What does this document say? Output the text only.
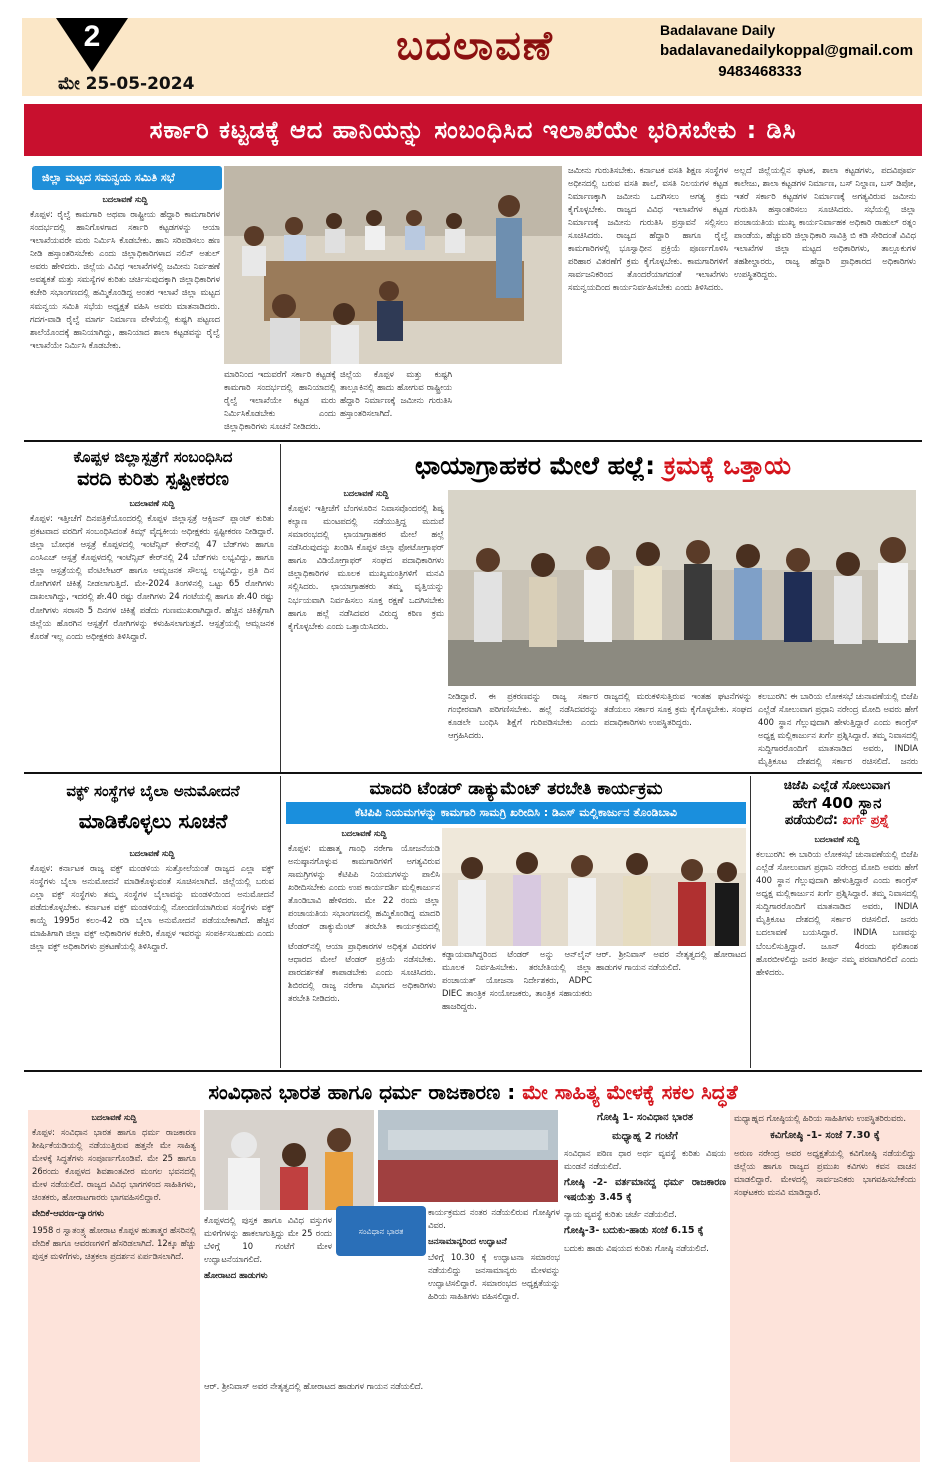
2
ಮೇ 25-05-2024
ಬದಲಾವಣೆ	Badalavane Daily
badalavanedailykoppal@gmail.com
9483468333
ಸರ್ಕಾರಿ ಕಟ್ಟಡಕ್ಕೆ ಆದ ಹಾನಿಯನ್ನು ಸಂಬಂಧಿಸಿದ ಇಲಾಖೆಯೇ ಭರಿಸಬೇಕು : ಡಿಸಿ
ಜಿಲ್ಲಾ ಮಟ್ಟದ ಸಮನ್ವಯ ಸಮಿತಿ ಸಭೆ
ಬದಲಾವಣೆ ಸುದ್ದಿ

ಕೊಪ್ಪಳ: ರೈಲ್ವೆ ಕಾಮಗಾರಿ ಅಥವಾ ರಾಷ್ಟ್ರೀಯ ಹೆದ್ದಾರಿ ಕಾಮಗಾರಿಗಳ ಸಂದರ್ಭದಲ್ಲಿ ಹಾನಿಗೊಳಗಾದ ಸರ್ಕಾರಿ ಕಟ್ಟಡಗಳನ್ನು ಆಯಾ ಇಲಾಖೆಯವರೇ ಮರು ನಿರ್ಮಿಸಿ ಕೊಡಬೇಕು. ಹಾನಿ ಸರಿಪಡಿಸಲು ಹಣ ನೀಡಿ ಹಸ್ತಾಂತರಿಸಬೇಕು ಎಂದು ಜಿಲ್ಲಾಧಿಕಾರಿಗಳಾದ ನಲಿನ್ ಅತುಲ್ ಅವರು ಹೇಳಿದರು. ಜಿಲ್ಲೆಯ ವಿವಿಧ ಇಲಾಖೆಗಳಲ್ಲಿ ಜಮೀನು ನಿರ್ವಹಣೆ ಅವಶ್ಯಕತೆ ಮತ್ತು ಸಮಸ್ಯೆಗಳ ಕುರಿತು ಚರ್ಚಿಸುವುದಕ್ಕಾಗಿ ಜಿಲ್ಲಾಧಿಕಾರಿಗಳ ಕಚೇರಿ ಸಭಾಂಗಣದಲ್ಲಿ ಹಮ್ಮಿಕೊಂಡಿದ್ದ ಅಂತರ ಇಲಾಖೆ ಜಿಲ್ಲಾ ಮಟ್ಟದ ಸಮನ್ವಯ ಸಮಿತಿ ಸಭೆಯ ಅಧ್ಯಕ್ಷತೆ ವಹಿಸಿ ಅವರು ಮಾತನಾಡಿದರು. ಗದಗ-ವಾಡಿ ರೈಲ್ವೆ ಮಾರ್ಗ ನಿರ್ಮಾಣ ವೇಳೆಯಲ್ಲಿ ಕುಷ್ಟಗಿ ಪಟ್ಟಣದ ಶಾಲೆಯೊಂದಕ್ಕೆ ಹಾನಿಯಾಗಿದ್ದು, ಹಾನಿಯಾದ ಶಾಲಾ ಕಟ್ಟಡವನ್ನು ರೈಲ್ವೆ ಇಲಾಖೆಯೇ ನಿರ್ಮಿಸಿ ಕೊಡಬೇಕು.

ಮಾರಿನಿಂದ ಇದುವರೆಗೆ ಸರ್ಕಾರಿ ಕಟ್ಟಡಕ್ಕೆ ಕಾಮಗಾರಿ ಸಂದರ್ಭದಲ್ಲಿ ಹಾನಿಯಾದಲ್ಲಿ ರೈಲ್ವೆ ಇಲಾಖೆಯೇ ಕಟ್ಟಡ ಮರು ನಿರ್ಮಿಸಿಕೊಡಬೇಕು ಎಂದು ಜಿಲ್ಲಾಧಿಕಾರಿಗಳು ಸೂಚನೆ ನೀಡಿದರು.

ಜಿಲ್ಲೆಯ ಕೊಪ್ಪಳ ಮತ್ತು ಕುಷ್ಟಗಿ ತಾಲ್ಲೂಕಿನಲ್ಲಿ ಹಾದು ಹೋಗುವ ರಾಷ್ಟ್ರೀಯ ಹೆದ್ದಾರಿ ನಿರ್ಮಾಣಕ್ಕೆ ಜಮೀನು ಗುರುತಿಸಿ ಹಸ್ತಾಂತರಿಸಲಾಗಿದೆ.

ಜಮೀನು ಗುರುತಿಸಬೇಕು. ಕರ್ನಾಟಕ ವಸತಿ ಶಿಕ್ಷಣ ಸಂಸ್ಥೆಗಳ ಅಧೀನದಲ್ಲಿ ಬರುವ ವಸತಿ ಶಾಲೆ, ವಸತಿ ನಿಲಯಗಳ ಕಟ್ಟಡ ನಿರ್ಮಾಣಕ್ಕಾಗಿ ಜಮೀನು ಒದಗಿಸಲು ಅಗತ್ಯ ಕ್ರಮ ಕೈಗೊಳ್ಳಬೇಕು. ರಾಜ್ಯದ ವಿವಿಧ ಇಲಾಖೆಗಳ ಕಟ್ಟಡ ನಿರ್ಮಾಣಕ್ಕೆ ಜಮೀನು ಗುರುತಿಸಿ ಪ್ರಸ್ತಾವನೆ ಸಲ್ಲಿಸಲು ಸೂಚಿಸಿದರು. ರಾಜ್ಯದ ಹೆದ್ದಾರಿ ಹಾಗೂ ರೈಲ್ವೆ ಕಾಮಗಾರಿಗಳಲ್ಲಿ ಭೂಸ್ವಾಧೀನ ಪ್ರಕ್ರಿಯೆ ಪೂರ್ಣಗೊಳಿಸಿ ಪರಿಹಾರ ವಿತರಣೆಗೆ ಕ್ರಮ ಕೈಗೊಳ್ಳಬೇಕು. ಕಾಮಗಾರಿಗಳಿಗೆ ಸಾರ್ವಜನಿಕರಿಂದ ತೊಂದರೆಯಾಗದಂತೆ ಇಲಾಖೆಗಳು ಸಮನ್ವಯದಿಂದ ಕಾರ್ಯನಿರ್ವಹಿಸಬೇಕು ಎಂದು ತಿಳಿಸಿದರು.

ಅಲ್ಲದೆ ಜಿಲ್ಲೆಯಲ್ಲಿನ ಘಟಕ, ಶಾಲಾ ಕಟ್ಟಡಗಳು, ಪದವಿಪೂರ್ವ ಕಾಲೇಜು, ಶಾಲಾ ಕಟ್ಟಡಗಳ ನಿರ್ಮಾಣ, ಬಸ್ ನಿಲ್ದಾಣ, ಬಸ್ ಡಿಪೋ, ಇತರೆ ಸರ್ಕಾರಿ ಕಟ್ಟಡಗಳ ನಿರ್ಮಾಣಕ್ಕೆ ಅಗತ್ಯವಿರುವ ಜಮೀನು ಗುರುತಿಸಿ ಹಸ್ತಾಂತರಿಸಲು ಸೂಚಿಸಿದರು. ಸಭೆಯಲ್ಲಿ ಜಿಲ್ಲಾ ಪಂಚಾಯತಿಯ ಮುಖ್ಯ ಕಾರ್ಯನಿರ್ವಾಹಕ ಅಧಿಕಾರಿ ರಾಹುಲ್ ರತ್ನಂ ಪಾಂಡೆಯ, ಹೆಚ್ಚುವರಿ ಜಿಲ್ಲಾಧಿಕಾರಿ ಸಾವಿತ್ರಿ ಬಿ ಕಡಿ ಸೇರಿದಂತೆ ವಿವಿಧ ಇಲಾಖೆಗಳ ಜಿಲ್ಲಾ ಮಟ್ಟದ ಅಧಿಕಾರಿಗಳು, ತಾಲ್ಲೂಕುಗಳ ತಹಶೀಲ್ದಾರರು, ರಾಜ್ಯ ಹೆದ್ದಾರಿ ಪ್ರಾಧಿಕಾರದ ಅಧಿಕಾರಿಗಳು ಉಪಸ್ಥಿತರಿದ್ದರು.

ಕೊಪ್ಪಳ ಜಿಲ್ಲಾಸ್ಪತ್ರೆಗೆ ಸಂಬಂಧಿಸಿದ
ವರದಿ ಕುರಿತು ಸ್ಪಷ್ಟೀಕರಣ
ಬದಲಾವಣೆ ಸುದ್ದಿ

ಕೊಪ್ಪಳ: ಇತ್ತೀಚೆಗೆ ದಿನಪತ್ರಿಕೆಯೊಂದರಲ್ಲಿ ಕೊಪ್ಪಳ ಜಿಲ್ಲಾಸ್ಪತ್ರೆ ಆಕ್ಸಿಜನ್ ಪ್ಲಾಂಟ್ ಕುರಿತು ಪ್ರಕಟವಾದ ವರದಿಗೆ ಸಂಬಂಧಿಸಿದಂತೆ ಕಿಮ್ಸ್ ವೈದ್ಯಕೀಯ ಅಧೀಕ್ಷಕರು ಸ್ಪಷ್ಟೀಕರಣ ನೀಡಿದ್ದಾರೆ. ಜಿಲ್ಲಾ ಬೋಧಕ ಆಸ್ಪತ್ರೆ ಕೊಪ್ಪಳದಲ್ಲಿ ಇಂಟೆನ್ಸಿವ್ ಕೇರ್‌ನಲ್ಲಿ 47 ಬೆಡ್‌ಗಳು ಹಾಗೂ ಎಂಸಿಎಚ್ ಆಸ್ಪತ್ರೆ ಕೊಪ್ಪಳದಲ್ಲಿ ಇಂಟೆನ್ಸಿವ್ ಕೇರ್‌ನಲ್ಲಿ 24 ಬೆಡ್‌ಗಳು ಲಭ್ಯವಿದ್ದು, ಹಾಗೂ ಜಿಲ್ಲಾ ಆಸ್ಪತ್ರೆಯಲ್ಲಿ ವೆಂಟಿಲೇಟರ್ ಹಾಗೂ ಆಮ್ಲಜನಕ ಸೌಲಭ್ಯ ಲಭ್ಯವಿದ್ದು, ಪ್ರತಿ ದಿನ ರೋಗಿಗಳಿಗೆ ಚಿಕಿತ್ಸೆ ನೀಡಲಾಗುತ್ತಿದೆ. ಮೇ-2024 ತಿಂಗಳಿನಲ್ಲಿ ಒಟ್ಟು 65 ರೋಗಿಗಳು ದಾಖಲಾಗಿದ್ದು, ಇದರಲ್ಲಿ ಶೇ.40 ರಷ್ಟು ರೋಗಿಗಳು 24 ಗಂಟೆಯಲ್ಲಿ ಹಾಗೂ ಶೇ.40 ರಷ್ಟು ರೋಗಿಗಳು ಸರಾಸರಿ 5 ದಿನಗಳ ಚಿಕಿತ್ಸೆ ಪಡೆದು ಗುಣಮುಖರಾಗಿದ್ದಾರೆ. ಹೆಚ್ಚಿನ ಚಿಕಿತ್ಸೆಗಾಗಿ ಜಿಲ್ಲೆಯ ಹೊರಗಿನ ಆಸ್ಪತ್ರೆಗೆ ರೋಗಿಗಳನ್ನು ಕಳುಹಿಸಲಾಗುತ್ತದೆ. ಆಸ್ಪತ್ರೆಯಲ್ಲಿ ಆಮ್ಲಜನಕ ಕೊರತೆ ಇಲ್ಲ ಎಂದು ಅಧೀಕ್ಷಕರು ತಿಳಿಸಿದ್ದಾರೆ.

ಛಾಯಾಗ್ರಾಹಕರ ಮೇಲೆ ಹಲ್ಲೆ: ಕ್ರಮಕ್ಕೆ ಒತ್ತಾಯ
ಬದಲಾವಣೆ ಸುದ್ದಿ

ಕೊಪ್ಪಳ: ಇತ್ತೀಚೆಗೆ ಬೆಂಗಳೂರಿನ ನಿವಾಸವೊಂದರಲ್ಲಿ ಶಿಷ್ಯ ಕಲ್ಯಾಣ ಮಂಟಪದಲ್ಲಿ ನಡೆಯುತ್ತಿದ್ದ ಮದುವೆ ಸಮಾರಂಭದಲ್ಲಿ ಛಾಯಾಗ್ರಾಹಕರ ಮೇಲೆ ಹಲ್ಲೆ ನಡೆಸಿರುವುದನ್ನು ಖಂಡಿಸಿ ಕೊಪ್ಪಳ ಜಿಲ್ಲಾ ಫೋಟೋಗ್ರಾಫರ್ ಹಾಗೂ ವಿಡಿಯೋಗ್ರಾಫರ್ ಸಂಘದ ಪದಾಧಿಕಾರಿಗಳು ಜಿಲ್ಲಾಧಿಕಾರಿಗಳ ಮೂಲಕ ಮುಖ್ಯಮಂತ್ರಿಗಳಿಗೆ ಮನವಿ ಸಲ್ಲಿಸಿದರು. ಛಾಯಾಗ್ರಾಹಕರು ತಮ್ಮ ವೃತ್ತಿಯನ್ನು ನಿರ್ಭಯವಾಗಿ ನಿರ್ವಹಿಸಲು ಸೂಕ್ತ ರಕ್ಷಣೆ ಒದಗಿಸಬೇಕು ಹಾಗೂ ಹಲ್ಲೆ ನಡೆಸಿದವರ ವಿರುದ್ಧ ಕಠಿಣ ಕ್ರಮ ಕೈಗೊಳ್ಳಬೇಕು ಎಂದು ಒತ್ತಾಯಿಸಿದರು.

ನೀಡಿದ್ದಾರೆ. ಈ ಪ್ರಕರಣವನ್ನು ರಾಜ್ಯ ಸರ್ಕಾರ ಗಂಭೀರವಾಗಿ ಪರಿಗಣಿಸಬೇಕು. ಹಲ್ಲೆ ನಡೆಸಿದವರನ್ನು ಕೂಡಲೇ ಬಂಧಿಸಿ ಶಿಕ್ಷೆಗೆ ಗುರಿಪಡಿಸಬೇಕು ಎಂದು ಆಗ್ರಹಿಸಿದರು.

ರಾಜ್ಯದಲ್ಲಿ ಮರುಕಳಿಸುತ್ತಿರುವ ಇಂತಹ ಘಟನೆಗಳನ್ನು ತಡೆಯಲು ಸರ್ಕಾರ ಸೂಕ್ತ ಕ್ರಮ ಕೈಗೊಳ್ಳಬೇಕು. ಸಂಘದ ಪದಾಧಿಕಾರಿಗಳು ಉಪಸ್ಥಿತರಿದ್ದರು.

ಕಲಬುರಗಿ: ಈ ಬಾರಿಯ ಲೋಕಸಭೆ ಚುನಾವಣೆಯಲ್ಲಿ ಬಿಜೆಪಿ ಎಲ್ಲೆಡೆ ಸೋಲುವಾಗ ಪ್ರಧಾನಿ ನರೇಂದ್ರ ಮೋದಿ ಅವರು ಹೇಗೆ 400 ಸ್ಥಾನ ಗೆಲ್ಲುವುದಾಗಿ ಹೇಳುತ್ತಿದ್ದಾರೆ ಎಂದು ಕಾಂಗ್ರೆಸ್ ಅಧ್ಯಕ್ಷ ಮಲ್ಲಿಕಾರ್ಜುನ ಖರ್ಗೆ ಪ್ರಶ್ನಿಸಿದ್ದಾರೆ. ತಮ್ಮ ನಿವಾಸದಲ್ಲಿ ಸುದ್ದಿಗಾರರೊಂದಿಗೆ ಮಾತನಾಡಿದ ಅವರು, INDIA ಮೈತ್ರಿಕೂಟ ದೇಶದಲ್ಲಿ ಸರ್ಕಾರ ರಚಿಸಲಿದೆ. ಜನರು

ವಕ್ಫ್ ಸಂಸ್ಥೆಗಳ ಬೈಲಾ ಅನುಮೋದನೆ
ಮಾಡಿಕೊಳ್ಳಲು ಸೂಚನೆ
ಬದಲಾವಣೆ ಸುದ್ದಿ

ಕೊಪ್ಪಳ: ಕರ್ನಾಟಕ ರಾಜ್ಯ ವಕ್ಫ್ ಮಂಡಳಿಯ ಸುತ್ತೋಲೆಯಂತೆ ರಾಜ್ಯದ ಎಲ್ಲಾ ವಕ್ಫ್ ಸಂಸ್ಥೆಗಳು ಬೈಲಾ ಅನುಮೋದನೆ ಮಾಡಿಕೊಳ್ಳುವಂತೆ ಸೂಚಿಸಲಾಗಿದೆ. ಜಿಲ್ಲೆಯಲ್ಲಿ ಬರುವ ಎಲ್ಲಾ ವಕ್ಫ್ ಸಂಸ್ಥೆಗಳು ತಮ್ಮ ಸಂಸ್ಥೆಗಳ ಬೈಲಾವನ್ನು ಮಂಡಳಿಯಿಂದ ಅನುಮೋದನೆ ಪಡೆದುಕೊಳ್ಳಬೇಕು. ಕರ್ನಾಟಕ ವಕ್ಫ್ ಮಂಡಳಿಯಲ್ಲಿ ನೋಂದಣಿಯಾಗಿರುವ ಸಂಸ್ಥೆಗಳು ವಕ್ಫ್ ಕಾಯ್ದೆ 1995ರ ಕಲಂ-42 ರಡಿ ಬೈಲಾ ಅನುಮೋದನೆ ಪಡೆಯಬೇಕಾಗಿದೆ. ಹೆಚ್ಚಿನ ಮಾಹಿತಿಗಾಗಿ ಜಿಲ್ಲಾ ವಕ್ಫ್ ಅಧಿಕಾರಿಗಳ ಕಚೇರಿ, ಕೊಪ್ಪಳ ಇವರನ್ನು ಸಂಪರ್ಕಿಸಬಹುದು ಎಂದು ಜಿಲ್ಲಾ ವಕ್ಫ್ ಅಧಿಕಾರಿಗಳು ಪ್ರಕಟಣೆಯಲ್ಲಿ ತಿಳಿಸಿದ್ದಾರೆ.

ಮಾದರಿ ಟೆಂಡರ್ ಡಾಕ್ಯುಮೆಂಟ್ ತರಬೇತಿ ಕಾರ್ಯಕ್ರಮ
ಕೆಟಿಪಿಪಿ ನಿಯಮಗಳನ್ನು ಕಾಮಗಾರಿ ಸಾಮಗ್ರಿ ಖರೀದಿಸಿ : ಡಿಎಸ್ ಮಲ್ಲಿಕಾರ್ಜುನ ತೊಂಡಿಬಾವಿ
ಬದಲಾವಣೆ ಸುದ್ದಿ

ಕೊಪ್ಪಳ: ಮಹಾತ್ಮ ಗಾಂಧಿ ನರೇಗಾ ಯೋಜನೆಯಡಿ ಅನುಷ್ಠಾನಗೊಳ್ಳುವ ಕಾಮಗಾರಿಗಳಿಗೆ ಅಗತ್ಯವಿರುವ ಸಾಮಗ್ರಿಗಳನ್ನು ಕೆಟಿಪಿಪಿ ನಿಯಮಗಳನ್ನು ಪಾಲಿಸಿ ಖರೀದಿಸಬೇಕು ಎಂದು ಉಪ ಕಾರ್ಯದರ್ಶಿ ಮಲ್ಲಿಕಾರ್ಜುನ ತೊಂಡಿಬಾವಿ ಹೇಳಿದರು. ಮೇ 22 ರಂದು ಜಿಲ್ಲಾ ಪಂಚಾಯತಿಯ ಸಭಾಂಗಣದಲ್ಲಿ ಹಮ್ಮಿಕೊಂಡಿದ್ದ ಮಾದರಿ ಟೆಂಡರ್ ಡಾಕ್ಯುಮೆಂಟ್ ತರಬೇತಿ ಕಾರ್ಯಕ್ರಮದಲ್ಲಿ

ಟೆಂಡರ್‌ನಲ್ಲಿ ಆಯಾ ಪ್ರಾಧಿಕಾರಗಳ ಅಧಿಕೃತ ವಿವರಗಳ ಆಧಾರದ ಮೇಲೆ ಟೆಂಡರ್ ಪ್ರಕ್ರಿಯೆ ನಡೆಸಬೇಕು. ಪಾರದರ್ಶಕತೆ ಕಾಪಾಡಬೇಕು ಎಂದು ಸೂಚಿಸಿದರು. ಶಿಬಿರದಲ್ಲಿ ರಾಜ್ಯ ನರೇಗಾ ವಿಭಾಗದ ಅಧಿಕಾರಿಗಳು ತರಬೇತಿ ನೀಡಿದರು.

ಕಡ್ಡಾಯವಾಗಿದ್ದರಿಂದ ಟೆಂಡರ್ ಅನ್ನು ಆನ್‌ಲೈನ್ ಮೂಲಕ ನಿರ್ವಹಿಸಬೇಕು. ತರಬೇತಿಯಲ್ಲಿ ಜಿಲ್ಲಾ ಪಂಚಾಯತ್ ಯೋಜನಾ ನಿರ್ದೇಶಕರು, ADPC DIEC ತಾಂತ್ರಿಕ ಸಂಯೋಜಕರು, ತಾಂತ್ರಿಕ ಸಹಾಯಕರು ಹಾಜರಿದ್ದರು.

ಆರ್. ಶ್ರೀನಿವಾಸ್ ಅವರ ನೇತೃತ್ವದಲ್ಲಿ ಹೋರಾಟದ ಹಾಡುಗಳ ಗಾಯನ ನಡೆಯಲಿದೆ.

ಚಿಜೆಪಿ ಎಲ್ಲೆಡೆ ಸೋಲುವಾಗ
ಹೇಗೆ 400 ಸ್ಥಾನ
ಪಡೆಯಲಿದೆ: ಖರ್ಗೆ ಪ್ರಶ್ನೆ
ಬದಲಾವಣೆ ಸುದ್ದಿ

ಕಲಬುರಗಿ: ಈ ಬಾರಿಯ ಲೋಕಸಭೆ ಚುನಾವಣೆಯಲ್ಲಿ ಬಿಜೆಪಿ ಎಲ್ಲೆಡೆ ಸೋಲುವಾಗ ಪ್ರಧಾನಿ ನರೇಂದ್ರ ಮೋದಿ ಅವರು ಹೇಗೆ 400 ಸ್ಥಾನ ಗೆಲ್ಲುವುದಾಗಿ ಹೇಳುತ್ತಿದ್ದಾರೆ ಎಂದು ಕಾಂಗ್ರೆಸ್ ಅಧ್ಯಕ್ಷ ಮಲ್ಲಿಕಾರ್ಜುನ ಖರ್ಗೆ ಪ್ರಶ್ನಿಸಿದ್ದಾರೆ. ತಮ್ಮ ನಿವಾಸದಲ್ಲಿ ಸುದ್ದಿಗಾರರೊಂದಿಗೆ ಮಾತನಾಡಿದ ಅವರು, INDIA ಮೈತ್ರಿಕೂಟ ದೇಶದಲ್ಲಿ ಸರ್ಕಾರ ರಚಿಸಲಿದೆ. ಜನರು ಬದಲಾವಣೆ ಬಯಸಿದ್ದಾರೆ. INDIA ಬಣವನ್ನು ಬೆಂಬಲಿಸುತ್ತಿದ್ದಾರೆ. ಜೂನ್ 4ರಂದು ಫಲಿತಾಂಶ ಹೊರಬೀಳಲಿದ್ದು ಜನರ ತೀರ್ಪು ನಮ್ಮ ಪರವಾಗಿರಲಿದೆ ಎಂದು ಹೇಳಿದರು.

ಸಂವಿಧಾನ ಭಾರತ ಹಾಗೂ ಧರ್ಮ ರಾಜಕಾರಣ : ಮೇ ಸಾಹಿತ್ಯ ಮೇಳಕ್ಕೆ ಸಕಲ ಸಿದ್ಧತೆ
ಬದಲಾವಣೆ ಸುದ್ದಿ

ಕೊಪ್ಪಳ: ಸಂವಿಧಾನ ಭಾರತ ಹಾಗೂ ಧರ್ಮ ರಾಜಕಾರಣ ಶೀರ್ಷಿಕೆಯಡಿಯಲ್ಲಿ ನಡೆಯುತ್ತಿರುವ ಹತ್ತನೇ ಮೇ ಸಾಹಿತ್ಯ ಮೇಳಕ್ಕೆ ಸಿದ್ಧತೆಗಳು ಸಂಪೂರ್ಣಗೊಂಡಿವೆ. ಮೇ 25 ಹಾಗೂ 26ರಂದು ಕೊಪ್ಪಳದ ಶಿವಶಾಂತವೀರ ಮಂಗಲ ಭವನದಲ್ಲಿ ಮೇಳ ನಡೆಯಲಿದೆ. ರಾಜ್ಯದ ವಿವಿಧ ಭಾಗಗಳಿಂದ ಸಾಹಿತಿಗಳು, ಚಿಂತಕರು, ಹೋರಾಟಗಾರರು ಭಾಗವಹಿಸಲಿದ್ದಾರೆ.

ವೇದಿಕೆ-ಆವರಣ-ದ್ವಾರಗಳು

1958 ರ ಸ್ವಾತಂತ್ರ್ಯ ಹೋರಾಟ ಕೊಪ್ಪಳ ಹುತಾತ್ಮರ ಹೆಸರಿನಲ್ಲಿ ವೇದಿಕೆ ಹಾಗೂ ಆವರಣಗಳಿಗೆ ಹೆಸರಿಡಲಾಗಿದೆ. 12ಕ್ಕೂ ಹೆಚ್ಚು ಪುಸ್ತಕ ಮಳಿಗೆಗಳು, ಚಿತ್ರಕಲಾ ಪ್ರದರ್ಶನ ಏರ್ಪಡಿಸಲಾಗಿದೆ.

ಸಂವಿಧಾನ ಭಾರತ

ಕೊಪ್ಪಳದಲ್ಲಿ ಪುಸ್ತಕ ಹಾಗೂ ವಿವಿಧ ವಸ್ತುಗಳ ಮಳಿಗೆಗಳನ್ನು ಹಾಕಲಾಗುತ್ತಿದ್ದು ಮೇ 25 ರಂದು ಬೆಳಿಗ್ಗೆ 10 ಗಂಟೆಗೆ ಮೇಳ ಉದ್ಘಾಟನೆಯಾಗಲಿದೆ.

ಹೋರಾಟದ ಹಾಡುಗಳು

ಆರ್. ಶ್ರೀನಿವಾಸ್ ಅವರ ನೇತೃತ್ವದಲ್ಲಿ ಹೋರಾಟದ ಹಾಡುಗಳ ಗಾಯನ ನಡೆಯಲಿದೆ.

ಕಾರ್ಯಕ್ರಮದ ನಂತರ ನಡೆಯಲಿರುವ ಗೋಷ್ಠಿಗಳ ವಿವರ.

ಜನಸಾಮಾನ್ಯರಿಂದ ಉದ್ಘಾಟನೆ

ಬೆಳಿಗ್ಗೆ 10.30 ಕ್ಕೆ ಉದ್ಘಾಟನಾ ಸಮಾರಂಭ ನಡೆಯಲಿದ್ದು ಜನಸಾಮಾನ್ಯರು ಮೇಳವನ್ನು ಉದ್ಘಾಟಿಸಲಿದ್ದಾರೆ. ಸಮಾರಂಭದ ಅಧ್ಯಕ್ಷತೆಯನ್ನು ಹಿರಿಯ ಸಾಹಿತಿಗಳು ವಹಿಸಲಿದ್ದಾರೆ.

ಗೋಷ್ಠಿ 1- ಸಂವಿಧಾನ ಭಾರತ

ಮಧ್ಯಾಹ್ನ 2 ಗಂಟೆಗೆ

ಸಂವಿಧಾನ ಪಠಿಣ ಧಾರ ಅರ್ಥ ವ್ಯವಸ್ಥೆ ಕುರಿತು ವಿಷಯ ಮಂಡನೆ ನಡೆಯಲಿದೆ.

ಗೋಷ್ಠಿ -2- ವರ್ತಮಾನದ್ದ ಧರ್ಮ ರಾಜಕಾರಣ ಇಷಯೆತ್ತು 3.45 ಕ್ಕೆ

ನ್ಯಾಯ ವ್ಯವಸ್ಥೆ ಕುರಿತು ಚರ್ಚೆ ನಡೆಯಲಿದೆ.

ಗೋಷ್ಠಿ-3- ಬದುಕು-ಹಾಡು ಸಂಜೆ 6.15 ಕ್ಕೆ

ಬದುಕು ಹಾಡು ವಿಷಯದ ಕುರಿತು ಗೋಷ್ಠಿ ನಡೆಯಲಿದೆ.

ಮಧ್ಯಾಹ್ನದ ಗೋಷ್ಠಿಯಲ್ಲಿ ಹಿರಿಯ ಸಾಹಿತಿಗಳು ಉಪಸ್ಥಿತರಿರುವರು.

ಕವಿಗೋಷ್ಠಿ -1- ಸಂಜೆ 7.30 ಕ್ಕೆ

ಅರುಣ ನರೇಂದ್ರ ಅವರ ಅಧ್ಯಕ್ಷತೆಯಲ್ಲಿ ಕವಿಗೋಷ್ಠಿ ನಡೆಯಲಿದ್ದು ಜಿಲ್ಲೆಯ ಹಾಗೂ ರಾಜ್ಯದ ಪ್ರಮುಖ ಕವಿಗಳು ಕವನ ವಾಚನ ಮಾಡಲಿದ್ದಾರೆ. ಮೇಳದಲ್ಲಿ ಸಾರ್ವಜನಿಕರು ಭಾಗವಹಿಸಬೇಕೆಂದು ಸಂಘಟಕರು ಮನವಿ ಮಾಡಿದ್ದಾರೆ.
